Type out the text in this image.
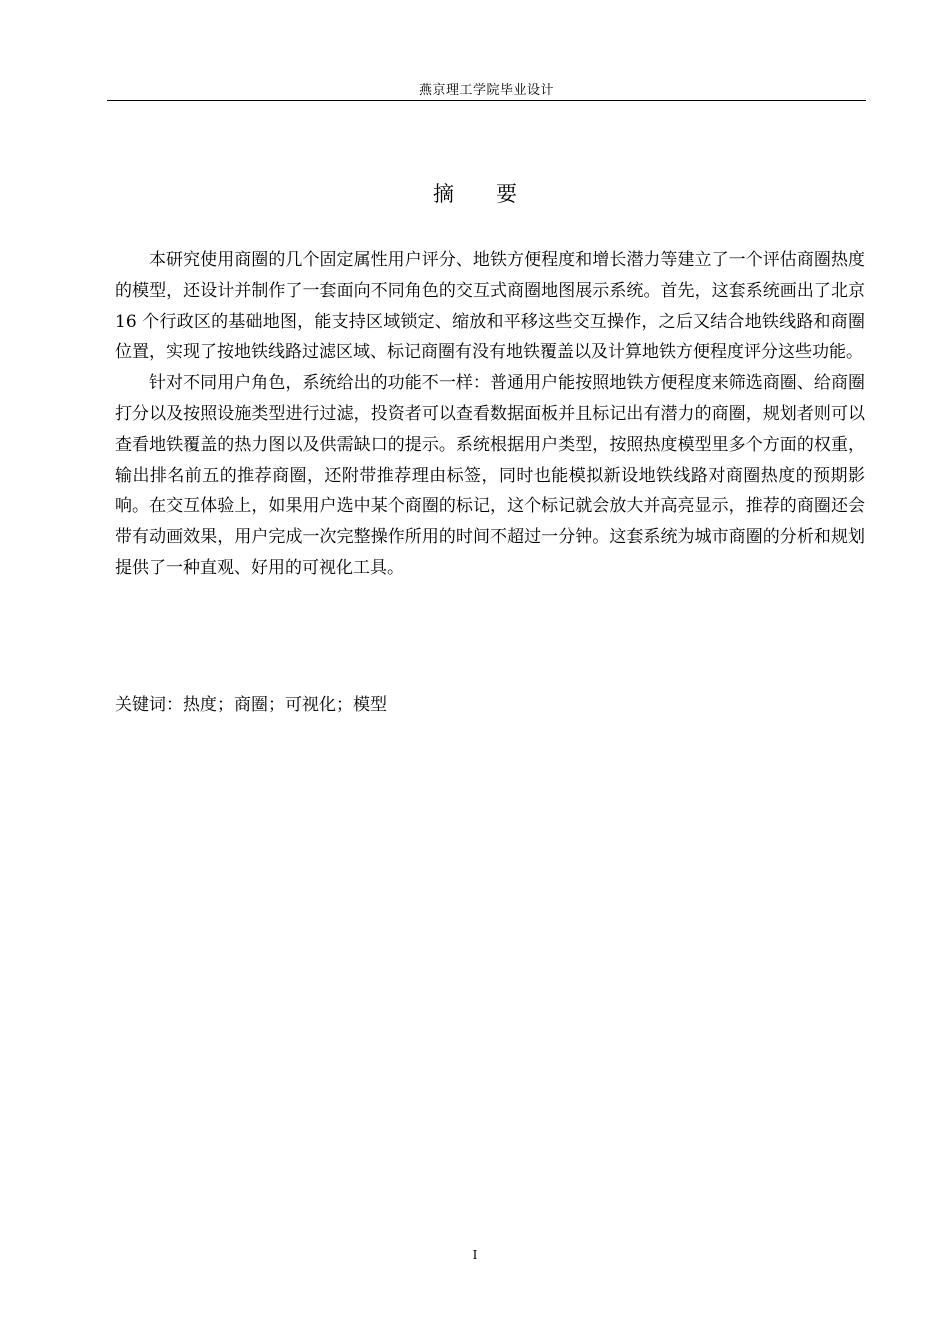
燕京理工学院毕业设计
摘 要

本研究使用商圈的几个固定属性用户评分、地铁方便程度和增长潜力等建立了一个评估商圈热度的模型，还设计并制作了一套面向不同角色的交互式商圈地图展示系统。首先，这套系统画出了北京 16 个行政区的基础地图，能支持区域锁定、缩放和平移这些交互操作，之后又结合地铁线路和商圈位置，实现了按地铁线路过滤区域、标记商圈有没有地铁覆盖以及计算地铁方便程度评分这些功能。

针对不同用户角色，系统给出的功能不一样：普通用户能按照地铁方便程度来筛选商圈、给商圈打分以及按照设施类型进行过滤，投资者可以查看数据面板并且标记出有潜力的商圈，规划者则可以查看地铁覆盖的热力图以及供需缺口的提示。系统根据用户类型，按照热度模型里多个方面的权重，输出排名前五的推荐商圈，还附带推荐理由标签，同时也能模拟新设地铁线路对商圈热度的预期影响。在交互体验上，如果用户选中某个商圈的标记，这个标记就会放大并高亮显示，推荐的商圈还会带有动画效果，用户完成一次完整操作所用的时间不超过一分钟。这套系统为城市商圈的分析和规划提供了一种直观、好用的可视化工具。

关键词：热度；商圈；可视化；模型
I
